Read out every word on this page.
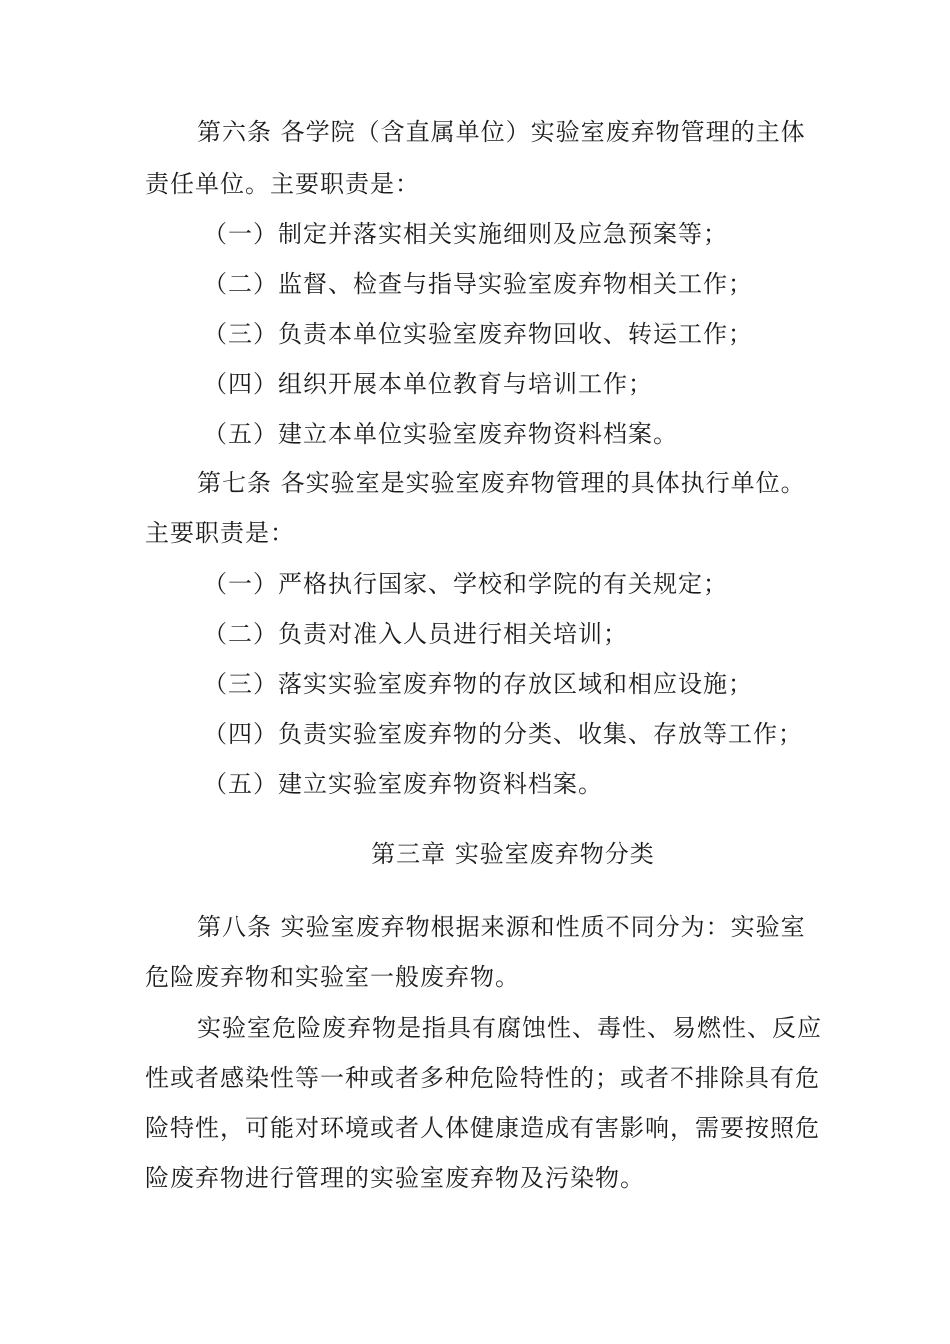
第六条 各学院（含直属单位）实验室废弃物管理的主体
责任单位。主要职责是：
（一）制定并落实相关实施细则及应急预案等；
（二）监督、检查与指导实验室废弃物相关工作；
（三）负责本单位实验室废弃物回收、转运工作；
（四）组织开展本单位教育与培训工作；
（五）建立本单位实验室废弃物资料档案。
第七条 各实验室是实验室废弃物管理的具体执行单位。
主要职责是：
（一）严格执行国家、学校和学院的有关规定；
（二）负责对准入人员进行相关培训；
（三）落实实验室废弃物的存放区域和相应设施；
（四）负责实验室废弃物的分类、收集、存放等工作；
（五）建立实验室废弃物资料档案。
第三章 实验室废弃物分类
第八条 实验室废弃物根据来源和性质不同分为：实验室
危险废弃物和实验室一般废弃物。
实验室危险废弃物是指具有腐蚀性、毒性、易燃性、反应
性或者感染性等一种或者多种危险特性的；或者不排除具有危
险特性，可能对环境或者人体健康造成有害影响，需要按照危
险废弃物进行管理的实验室废弃物及污染物。
